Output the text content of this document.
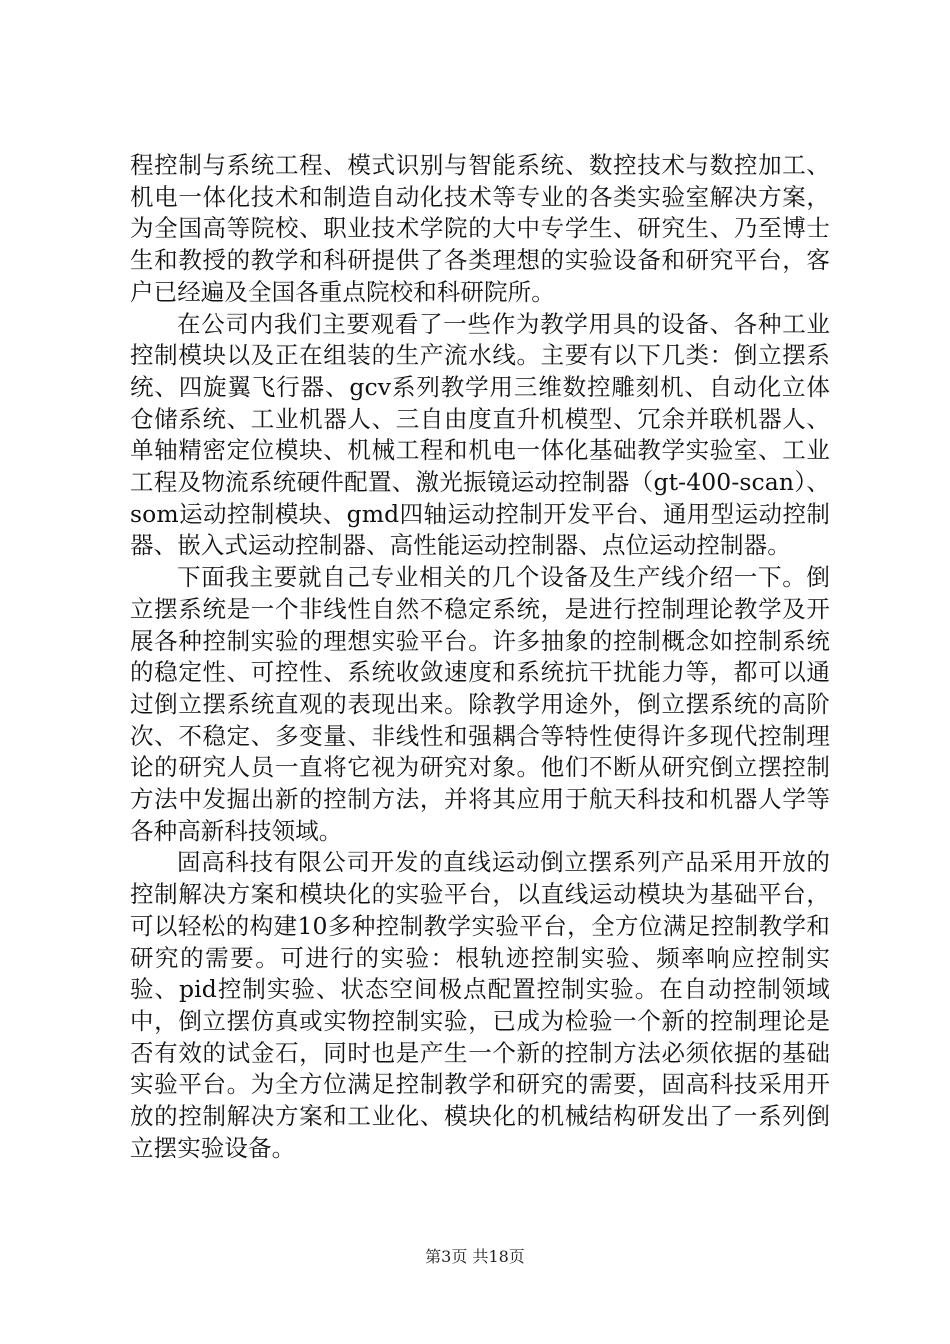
程控制与系统工程、模式识别与智能系统、数控技术与数控加工、机电一体化技术和制造自动化技术等专业的各类实验室解决方案，为全国高等院校、职业技术学院的大中专学生、研究生、乃至博士生和教授的教学和科研提供了各类理想的实验设备和研究平台，客户已经遍及全国各重点院校和科研院所。

在公司内我们主要观看了一些作为教学用具的设备、各种工业控制模块以及正在组装的生产流水线。主要有以下几类：倒立摆系统、四旋翼飞行器、gcv系列教学用三维数控雕刻机、自动化立体仓储系统、工业机器人、三自由度直升机模型、冗余并联机器人、单轴精密定位模块、机械工程和机电一体化基础教学实验室、工业工程及物流系统硬件配置、激光振镜运动控制器（gt-400-scan）、som运动控制模块、gmd四轴运动控制开发平台、通用型运动控制器、嵌入式运动控制器、高性能运动控制器、点位运动控制器。

下面我主要就自己专业相关的几个设备及生产线介绍一下。倒立摆系统是一个非线性自然不稳定系统，是进行控制理论教学及开展各种控制实验的理想实验平台。许多抽象的控制概念如控制系统的稳定性、可控性、系统收敛速度和系统抗干扰能力等，都可以通过倒立摆系统直观的表现出来。除教学用途外，倒立摆系统的高阶次、不稳定、多变量、非线性和强耦合等特性使得许多现代控制理论的研究人员一直将它视为研究对象。他们不断从研究倒立摆控制方法中发掘出新的控制方法，并将其应用于航天科技和机器人学等各种高新科技领域。

固高科技有限公司开发的直线运动倒立摆系列产品采用开放的控制解决方案和模块化的实验平台，以直线运动模块为基础平台，可以轻松的构建10多种控制教学实验平台，全方位满足控制教学和研究的需要。可进行的实验：根轨迹控制实验、频率响应控制实验、pid控制实验、状态空间极点配置控制实验。在自动控制领域中，倒立摆仿真或实物控制实验，已成为检验一个新的控制理论是否有效的试金石，同时也是产生一个新的控制方法必须依据的基础实验平台。为全方位满足控制教学和研究的需要，固高科技采用开放的控制解决方案和工业化、模块化的机械结构研发出了一系列倒立摆实验设备。

第3页 共18页
